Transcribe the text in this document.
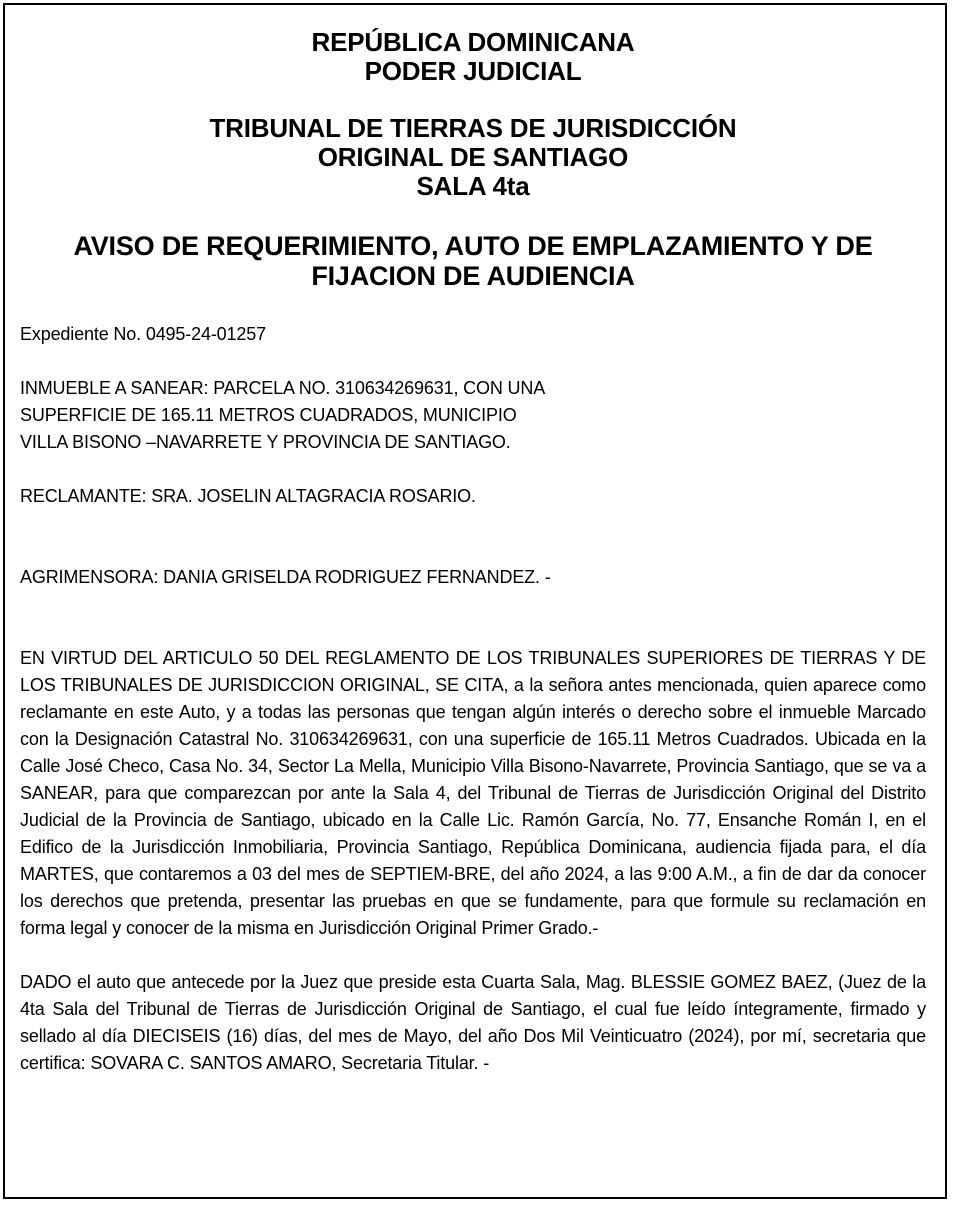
REPÚBLICA DOMINICANA
PODER JUDICIAL
TRIBUNAL DE TIERRAS DE JURISDICCIÓN
ORIGINAL DE SANTIAGO
SALA 4ta
AVISO DE REQUERIMIENTO, AUTO DE EMPLAZAMIENTO Y DE
FIJACION DE AUDIENCIA
Expediente No. 0495-24-01257
INMUEBLE A SANEAR: PARCELA NO. 310634269631, CON UNA
SUPERFICIE DE 165.11 METROS CUADRADOS, MUNICIPIO
VILLA BISONO –NAVARRETE Y PROVINCIA DE SANTIAGO.
RECLAMANTE: SRA. JOSELIN ALTAGRACIA ROSARIO.
AGRIMENSORA: DANIA GRISELDA RODRIGUEZ FERNANDEZ. -
EN VIRTUD DEL ARTICULO 50 DEL REGLAMENTO DE LOS TRIBUNALES SUPERIORES DE TIERRAS Y DE LOS TRIBUNALES DE JURISDICCION ORIGINAL, SE CITA, a la señora antes mencionada, quien aparece como reclamante en este Auto, y a todas las personas que tengan algún interés o derecho sobre el inmueble Marcado con la Designación Catastral No. 310634269631, con una superficie de 165.11 Metros Cuadrados. Ubicada en la Calle José Checo, Casa No. 34, Sector La Mella, Municipio Villa Bisono-Navarrete, Provincia Santiago, que se va a SANEAR, para que comparezcan por ante la Sala 4, del Tribunal de Tierras de Jurisdicción Original del Distrito Judicial de la Provincia de Santiago, ubicado en la Calle Lic. Ramón García, No. 77, Ensanche Román I, en el Edifico de la Jurisdicción Inmobiliaria, Provincia Santiago, República Dominicana, audiencia fijada para, el día MARTES, que contaremos a 03 del mes de SEPTIEM-BRE, del año 2024, a las 9:00 A.M., a fin de dar da conocer los derechos que pretenda, presentar las pruebas en que se fundamente, para que formule su reclamación en forma legal y conocer de la misma en Jurisdicción Original Primer Grado.-
DADO el auto que antecede por la Juez que preside esta Cuarta Sala, Mag. BLESSIE GOMEZ BAEZ, (Juez de la 4ta Sala del Tribunal de Tierras de Jurisdicción Original de Santiago, el cual fue leído íntegramente, firmado y sellado al día DIECISEIS (16) días, del mes de Mayo, del año Dos Mil Veinticuatro (2024), por mí, secretaria que certifica: SOVARA C. SANTOS AMARO, Secretaria Titular. -
